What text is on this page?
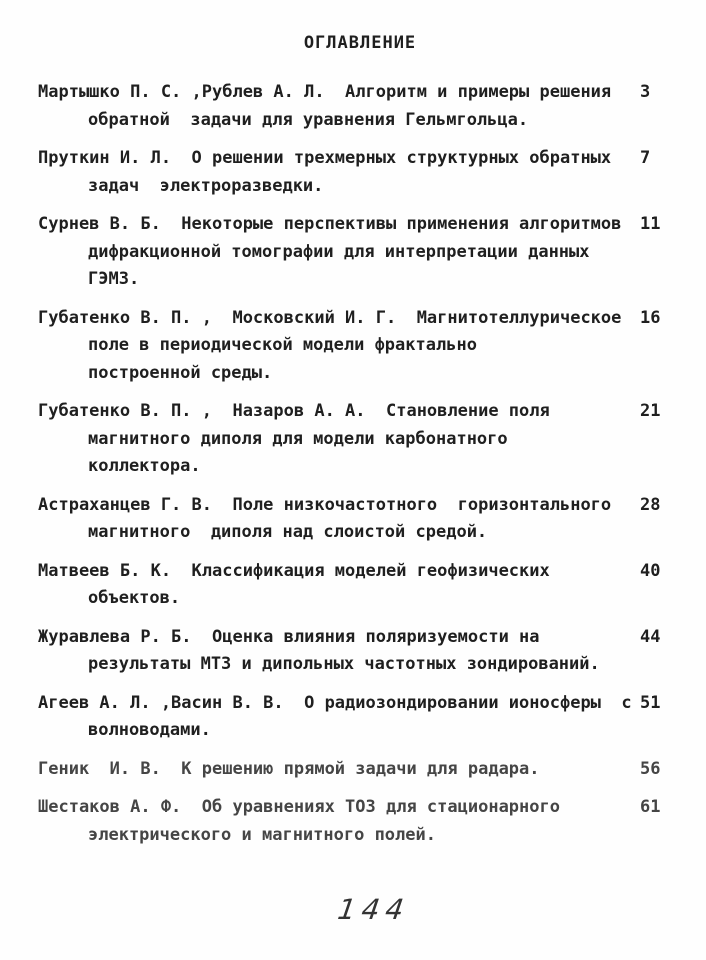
ОГЛАВЛЕНИЕ
Мартышко П. С. ,Рублев А. Л.  Алгоритм и примеры решения
обратной  задачи для уравнения Гельмгольца.
3
Пруткин И. Л.  О решении трехмерных структурных обратных
задач  электроразведки.
7
Сурнев В. Б.  Некоторые перспективы применения алгоритмов
дифракционной томографии для интерпретации данных
ГЭМЗ.
11
Губатенко В. П. ,  Московский И. Г.  Магнитотеллурическое
поле в периодической модели фрактально
построенной среды.
16
Губатенко В. П. ,  Назаров А. А.  Становление поля
магнитного диполя для модели карбонатного
коллектора.
21
Астраханцев Г. В.  Поле низкочастотного  горизонтального
магнитного  диполя над слоистой средой.
28
Матвеев Б. К.  Классификация моделей геофизических
объектов.
40
Журавлева Р. Б.  Оценка влияния поляризуемости на
результаты МТЗ и дипольных частотных зондирований.
44
Агеев А. Л. ,Васин В. В.  О радиозондировании ионосферы  с
волноводами.
51
Геник  И. В.  К решению прямой задачи для радара.	56
Шестаков А. Ф.  Об уравнениях ТОЗ для стационарного
электрического и магнитного полей.
61
144
